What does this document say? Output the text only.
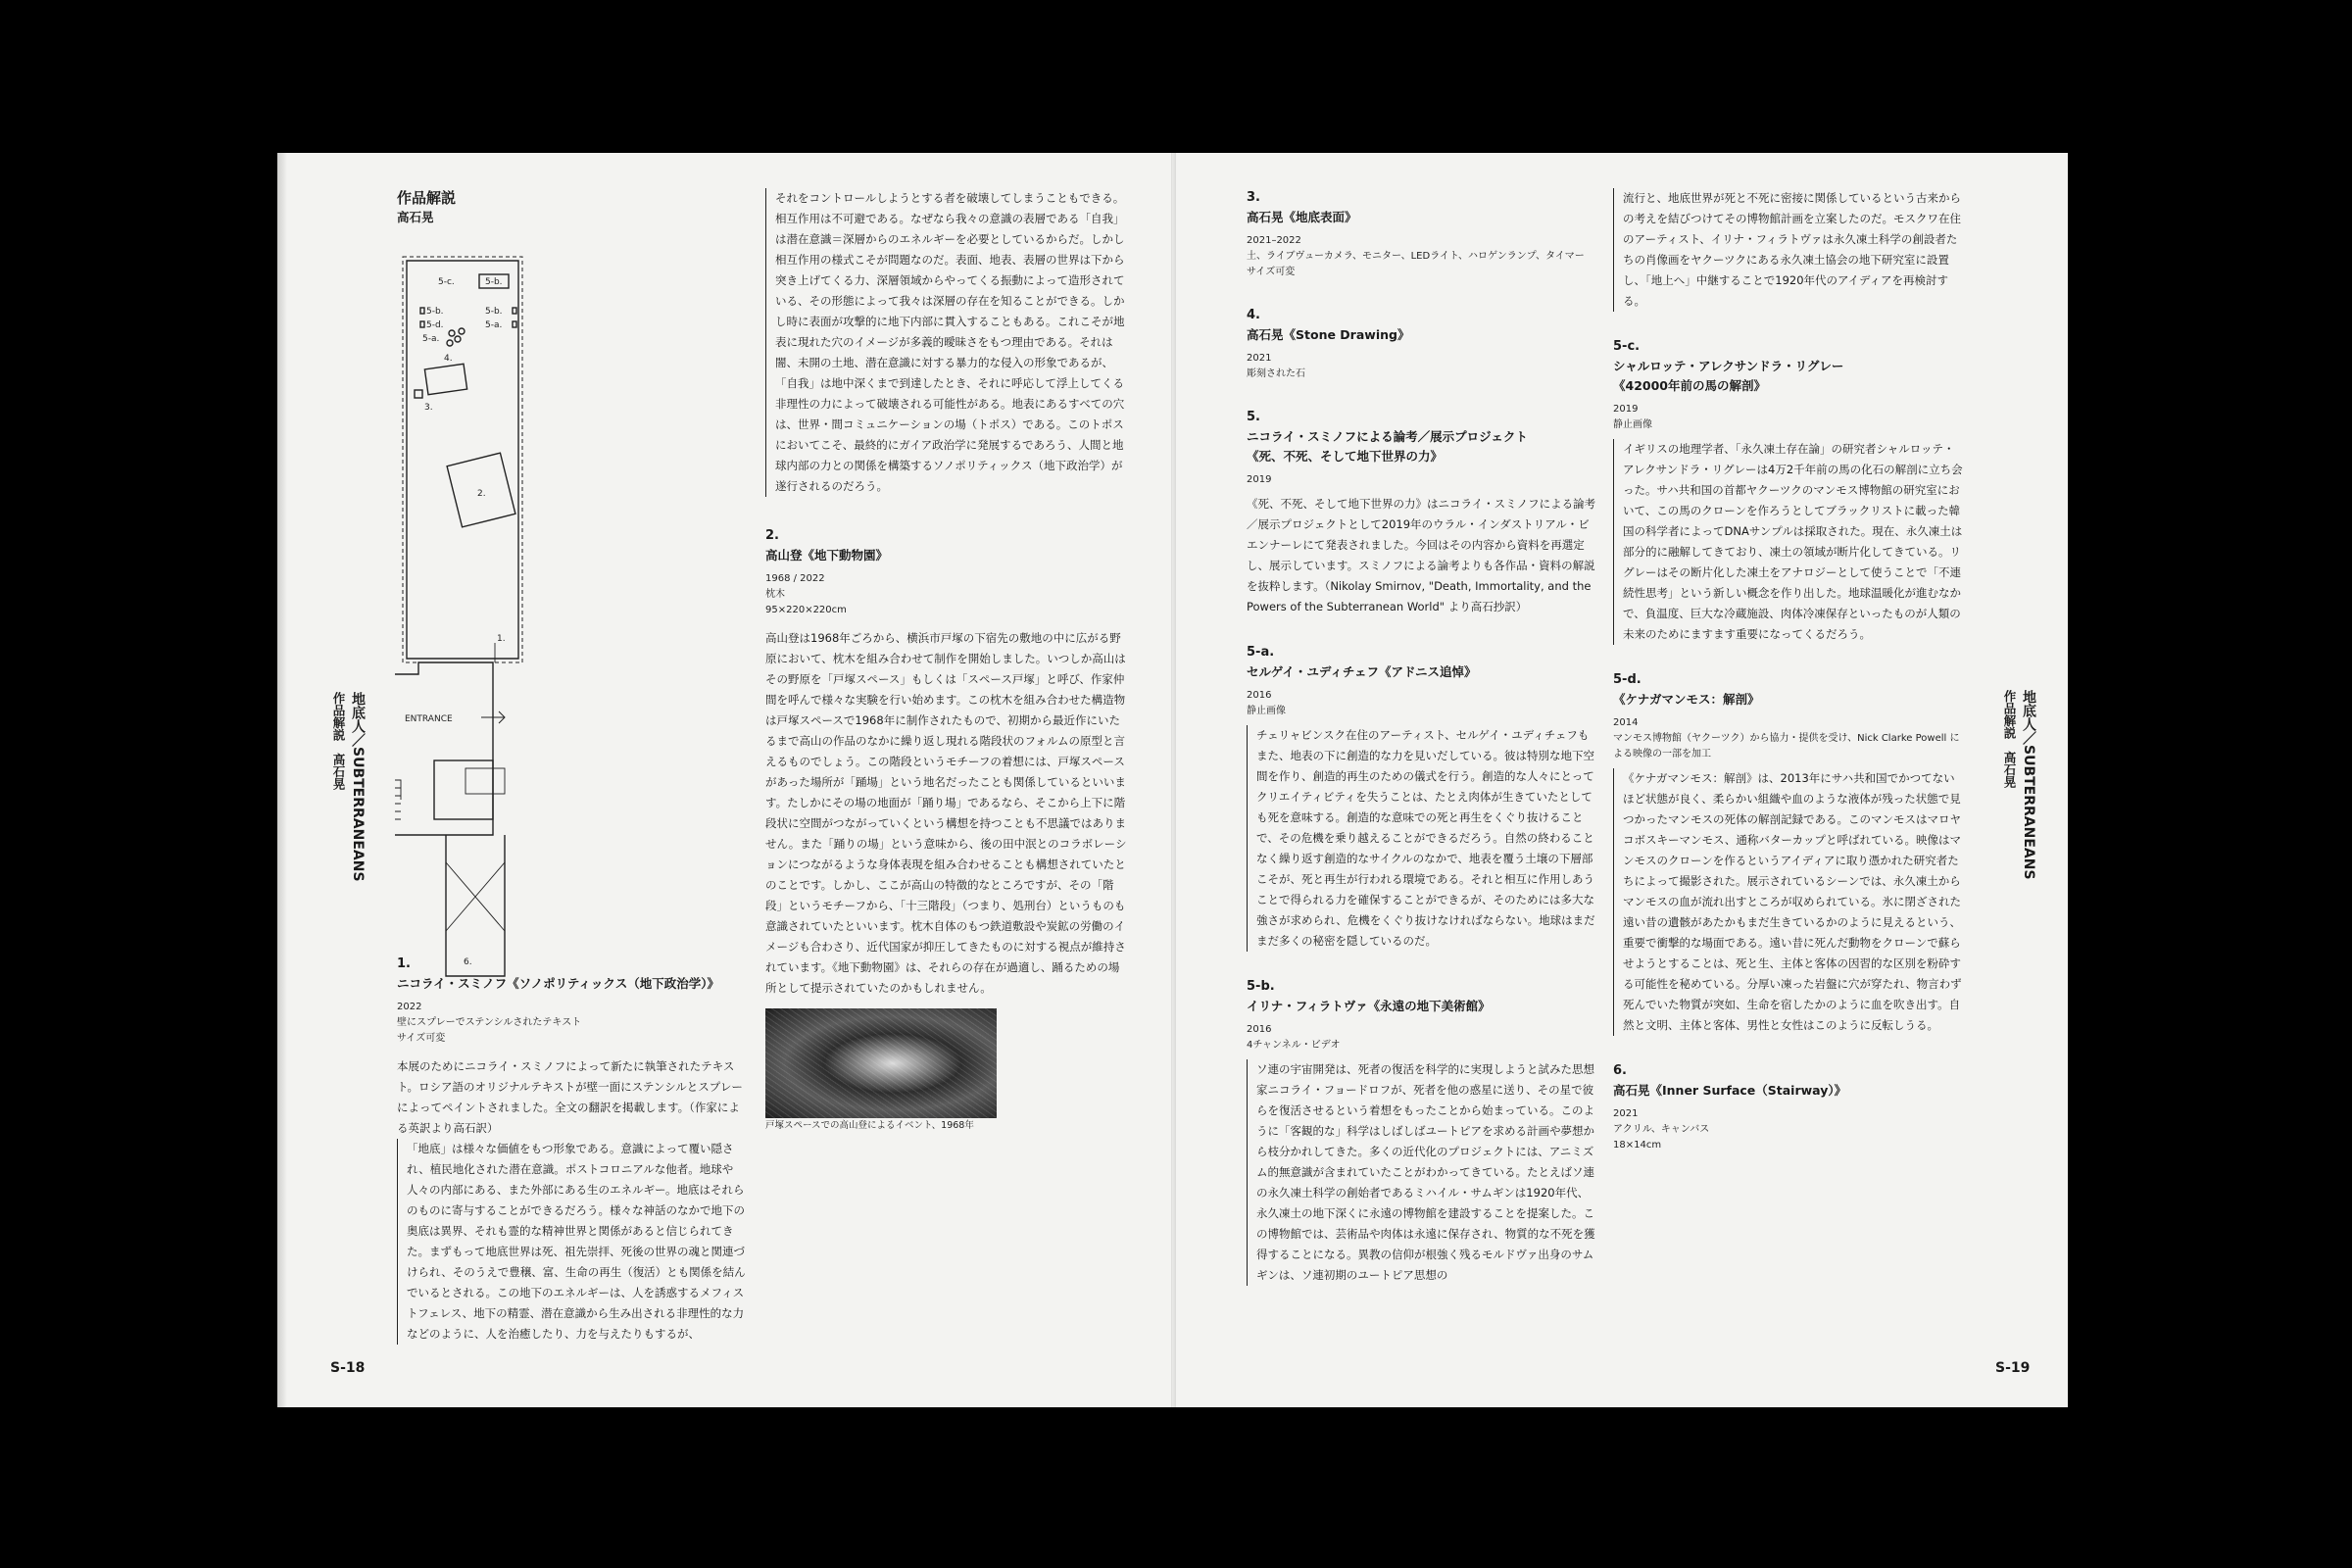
作品解説

高石晃

5-c.	5-b.
5-b.
5-d.
5-b.
5-a.
5-a.
4.
3.
2.
1.
ENTRANCE
6.

1.

ニコライ・スミノフ《ソノポリティックス（地下政治学）》

2022

壁にスプレーでステンシルされたテキスト

サイズ可変

本展のためにニコライ・スミノフによって新たに執筆されたテキスト。ロシア語のオリジナルテキストが壁一面にステンシルとスプレーによってペイントされました。全文の翻訳を掲載します。（作家による英訳より高石訳）

「地底」は様々な価値をもつ形象である。意識によって覆い隠され、植民地化された潜在意識。ポストコロニアルな他者。地球や人々の内部にある、また外部にある生のエネルギー。地底はそれらのものに寄与することができるだろう。様々な神話のなかで地下の奥底は異界、それも霊的な精神世界と関係があると信じられてきた。まずもって地底世界は死、祖先崇拝、死後の世界の魂と関連づけられ、そのうえで豊穣、富、生命の再生（復活）とも関係を結んでいるとされる。この地下のエネルギーは、人を誘惑するメフィストフェレス、地下の精霊、潜在意識から生み出される非理性的な力などのように、人を治癒したり、力を与えたりもするが、

それをコントロールしようとする者を破壊してしまうこともできる。相互作用は不可避である。なぜなら我々の意識の表層である「自我」は潜在意識＝深層からのエネルギーを必要としているからだ。しかし相互作用の様式こそが問題なのだ。表面、地表、表層の世界は下から突き上げてくる力、深層領域からやってくる振動によって造形されている、その形態によって我々は深層の存在を知ることができる。しかし時に表面が攻撃的に地下内部に貫入することもある。これこそが地表に現れた穴のイメージが多義的曖昧さをもつ理由である。それは闇、未開の土地、潜在意識に対する暴力的な侵入の形象であるが、「自我」は地中深くまで到達したとき、それに呼応して浮上してくる非理性の力によって破壊される可能性がある。地表にあるすべての穴は、世界・間コミュニケーションの場（トポス）である。このトポスにおいてこそ、最終的にガイア政治学に発展するであろう、人間と地球内部の力との関係を構築するソノポリティックス（地下政治学）が遂行されるのだろう。

2.

高山登《地下動物園》

1968 / 2022

枕木

95×220×220cm

高山登は1968年ごろから、横浜市戸塚の下宿先の敷地の中に広がる野原において、枕木を組み合わせて制作を開始しました。いつしか高山はその野原を「戸塚スペース」もしくは「スペース戸塚」と呼び、作家仲間を呼んで様々な実験を行い始めます。この枕木を組み合わせた構造物は戸塚スペースで1968年に制作されたもので、初期から最近作にいたるまで高山の作品のなかに繰り返し現れる階段状のフォルムの原型と言えるものでしょう。この階段というモチーフの着想には、戸塚スペースがあった場所が「踊場」という地名だったことも関係しているといいます。たしかにその場の地面が「踊り場」であるなら、そこから上下に階段状に空間がつながっていくという構想を持つことも不思議ではありません。また「踊りの場」という意味から、後の田中泯とのコラボレーションにつながるような身体表現を組み合わせることも構想されていたとのことです。しかし、ここが高山の特徴的なところですが、その「階段」というモチーフから、「十三階段」（つまり、処刑台）というものも意識されていたといいます。枕木自体のもつ鉄道敷設や炭鉱の労働のイメージも合わさり、近代国家が抑圧してきたものに対する視点が維持されています。《地下動物園》は、それらの存在が過適し、踊るための場所として提示されていたのかもしれません。

戸塚スペースでの高山登によるイベント、1968年

地底人／SUBTERRANEANS
作品解説　高石晃
S-18

3.

高石晃《地底表面》

2021–2022

土、ライブヴューカメラ、モニター、LEDライト、ハロゲンランプ、タイマー

サイズ可変

4.

高石晃《Stone Drawing》

2021

彫刻された石

5.

ニコライ・スミノフによる論考／展示プロジェクト

《死、不死、そして地下世界の力》

2019

《死、不死、そして地下世界の力》はニコライ・スミノフによる論考／展示プロジェクトとして2019年のウラル・インダストリアル・ビエンナーレにて発表されました。今回はその内容から資料を再選定し、展示しています。スミノフによる論考よりも各作品・資料の解説を抜粋します。（Nikolay Smirnov, "Death, Immortality, and the Powers of the Subterranean World" より高石抄訳）

5-a.

セルゲイ・ユディチェフ《アドニス追悼》

2016

静止画像

チェリャビンスク在住のアーティスト、セルゲイ・ユディチェフもまた、地表の下に創造的な力を見いだしている。彼は特別な地下空間を作り、創造的再生のための儀式を行う。創造的な人々にとってクリエイティビティを失うことは、たとえ肉体が生きていたとしても死を意味する。創造的な意味での死と再生をくぐり抜けることで、その危機を乗り越えることができるだろう。自然の終わることなく繰り返す創造的なサイクルのなかで、地表を覆う土壌の下層部こそが、死と再生が行われる環境である。それと相互に作用しあうことで得られる力を確保することができるが、そのためには多大な強さが求められ、危機をくぐり抜けなければならない。地球はまだまだ多くの秘密を隠しているのだ。

5-b.

イリナ・フィラトヴァ《永遠の地下美術館》

2016

4チャンネル・ビデオ

ソ連の宇宙開発は、死者の復活を科学的に実現しようと試みた思想家ニコライ・フョードロフが、死者を他の惑星に送り、その星で彼らを復活させるという着想をもったことから始まっている。このように「客観的な」科学はしばしばユートピアを求める計画や夢想から枝分かれしてきた。多くの近代化のプロジェクトには、アニミズム的無意識が含まれていたことがわかってきている。たとえばソ連の永久凍土科学の創始者であるミハイル・サムギンは1920年代、永久凍土の地下深くに永遠の博物館を建設することを提案した。この博物館では、芸術品や肉体は永遠に保存され、物質的な不死を獲得することになる。異教の信仰が根強く残るモルドヴァ出身のサムギンは、ソ連初期のユートピア思想の

流行と、地底世界が死と不死に密接に関係しているという古来からの考えを結びつけてその博物館計画を立案したのだ。モスクワ在住のアーティスト、イリナ・フィラトヴァは永久凍土科学の創設者たちの肖像画をヤクーツクにある永久凍土協会の地下研究室に設置し、「地上へ」中継することで1920年代のアイディアを再検討する。

5-c.

シャルロッテ・アレクサンドラ・リグレー

《42000年前の馬の解剖》

2019

静止画像

イギリスの地理学者、「永久凍土存在論」の研究者シャルロッテ・アレクサンドラ・リグレーは4万2千年前の馬の化石の解剖に立ち会った。サハ共和国の首都ヤクーツクのマンモス博物館の研究室において、この馬のクローンを作ろうとしてブラックリストに載った韓国の科学者によってDNAサンプルは採取された。現在、永久凍土は部分的に融解してきており、凍土の領域が断片化してきている。リグレーはその断片化した凍土をアナロジーとして使うことで「不連続性思考」という新しい概念を作り出した。地球温暖化が進むなかで、負温度、巨大な冷蔵施設、肉体冷凍保存といったものが人類の未来のためにますます重要になってくるだろう。

5-d.

《ケナガマンモス：解剖》

2014

マンモス博物館（ヤクーツク）から協力・提供を受け、Nick Clarke Powell による映像の一部を加工

《ケナガマンモス：解剖》は、2013年にサハ共和国でかつてないほど状態が良く、柔らかい組織や血のような液体が残った状態で見つかったマンモスの死体の解剖記録である。このマンモスはマロヤコボスキーマンモス、通称バターカップと呼ばれている。映像はマンモスのクローンを作るというアイディアに取り憑かれた研究者たちによって撮影された。展示されているシーンでは、永久凍土からマンモスの血が流れ出すところが収められている。氷に閉ざされた遠い昔の遺骸があたかもまだ生きているかのように見えるという、重要で衝撃的な場面である。遠い昔に死んだ動物をクローンで蘇らせようとすることは、死と生、主体と客体の因習的な区別を粉砕する可能性を秘めている。分厚い凍った岩盤に穴が穿たれ、物言わず死んでいた物質が突如、生命を宿したかのように血を吹き出す。自然と文明、主体と客体、男性と女性はこのように反転しうる。

6.

高石晃《Inner Surface（Stairway）》

2021

アクリル、キャンバス

18×14cm

地底人／SUBTERRANEANS
作品解説　高石晃
S-19
